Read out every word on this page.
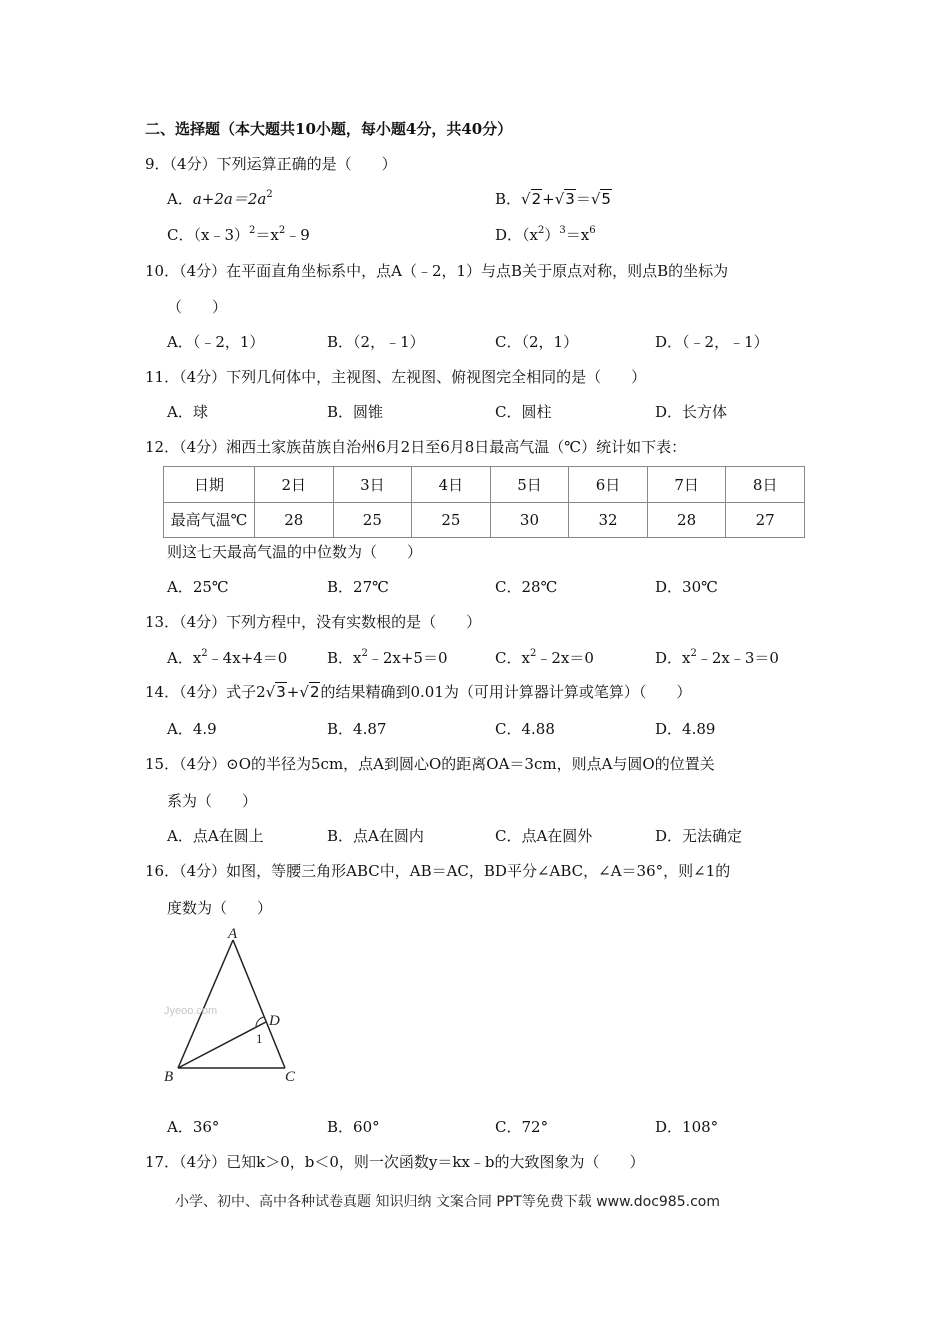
二、选择题（本大题共10小题，每小题4分，共40分）
9．（4分）下列运算正确的是（　　）
A．$a+2a=2a^2$	B．√2+√3＝√5
C．$(x﹣3)^2=x^2﹣9$	D．$(x^2)^3=x^6$
10．（4分）在平面直角坐标系中，点A（﹣2，1）与点B关于原点对称，则点B的坐标为
（　　）
A．（﹣2，1）	B．（2，﹣1）	C．（2，1）	D．（﹣2，﹣1）
11．（4分）下列几何体中，主视图、左视图、俯视图完全相同的是（　　）
A．球	B．圆锥	C．圆柱	D．长方体
12．（4分）湘西土家族苗族自治州6月2日至6月8日最高气温（℃）统计如下表：
日期	2日	3日	4日	5日	6日	7日	8日
最高气温℃	28	25	25	30	32	28	27
则这七天最高气温的中位数为（　　）
A．25℃	B．27℃	C．28℃	D．30℃
13．（4分）下列方程中，没有实数根的是（　　）
A．$x^2﹣4x+4=0$	B．$x^2﹣2x+5=0$	C．$x^2﹣2x=0$	D．$x^2﹣2x﹣3=0$
14．（4分）式子2√3+√2的结果精确到0.01为（可用计算器计算或笔算）（　　）
A．4.9	B．4.87	C．4.88	D．4.89
15．（4分）⊙O的半径为5cm，点A到圆心O的距离OA＝3cm，则点A与圆O的位置关
系为（　　）
A．点A在圆上	B．点A在圆内	C．点A在圆外	D．无法确定
16．（4分）如图，等腰三角形ABC中，AB＝AC，BD平分∠ABC，∠A＝36°，则∠1的
度数为（　　）
Jyeoo.com
A
B	C
D
1
A．36°	B．60°	C．72°	D．108°
17．（4分）已知k＞0，b＜0，则一次函数y＝kx﹣b的大致图象为（　　）
小学、初中、高中各种试卷真题 知识归纳 文案合同 PPT等免费下载 www.doc985.com
